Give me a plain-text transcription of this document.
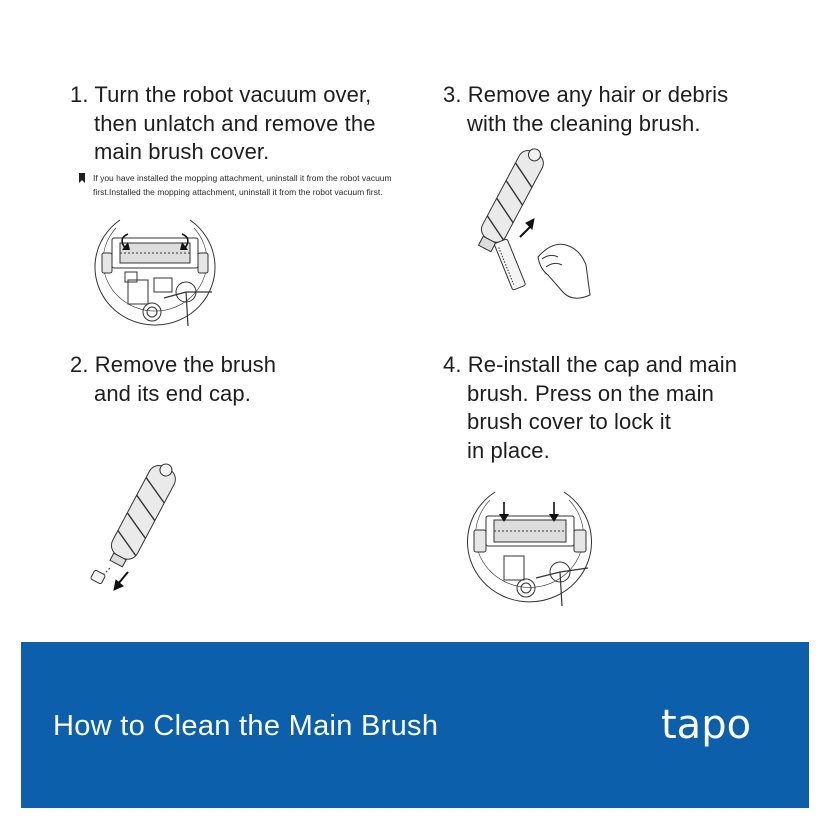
1. Turn the robot vacuum over,
then unlatch and remove the
main brush cover.
If you have installed the mopping attachment, uninstall it from the robot vacuum
first.Installed the mopping attachment, uninstall it from the robot vacuum first.
3. Remove any hair or debris
with the cleaning brush.
2. Remove the brush
and its end cap.
4. Re-install the cap and main
brush. Press on the main
brush cover to lock it
in place.
How to Clean the Main Brush	tapo
